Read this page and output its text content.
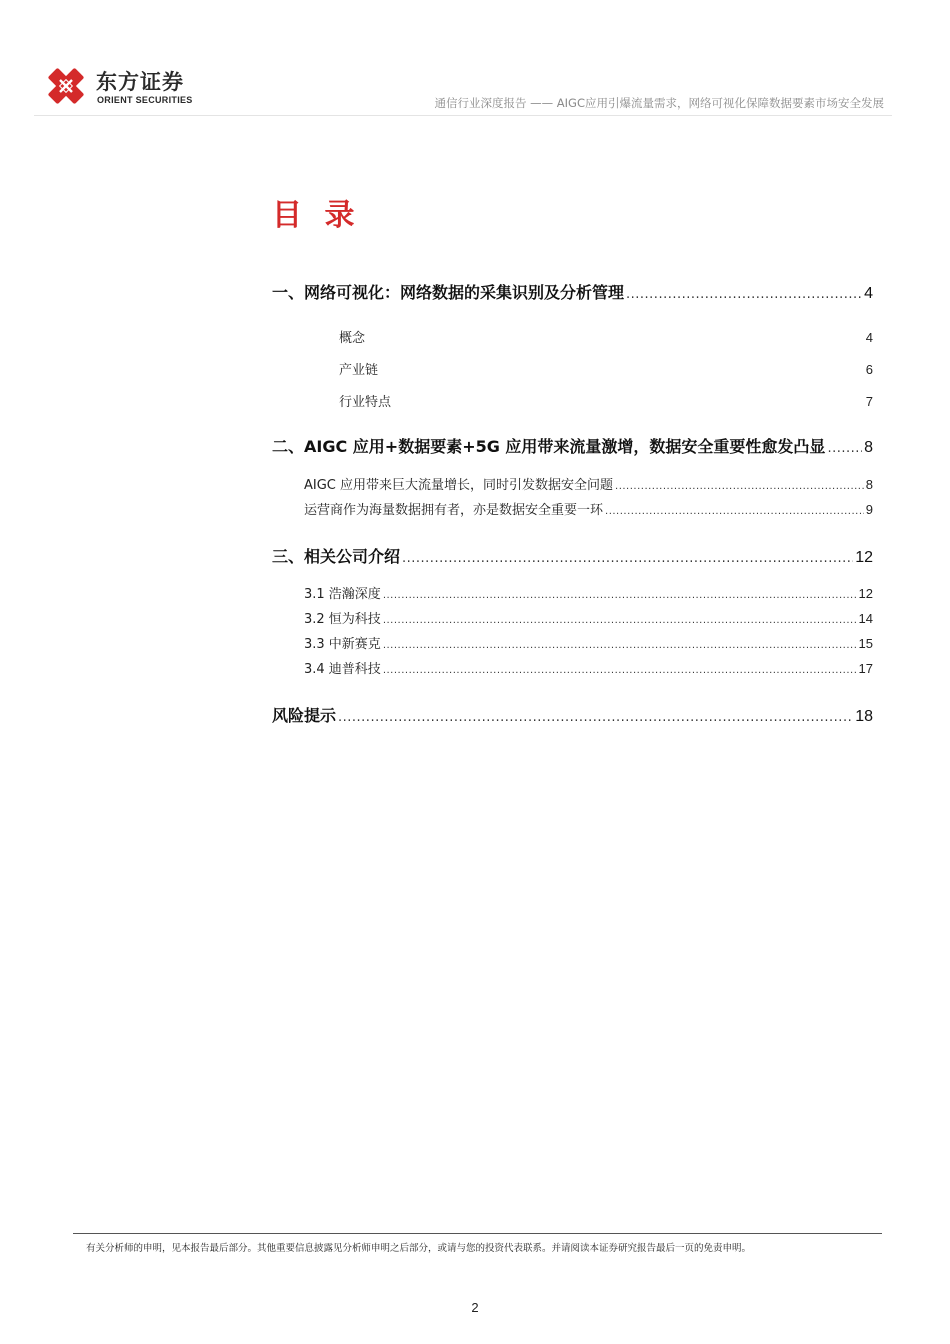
东方证券
ORIENT SECURITIES	通信行业深度报告 —— AIGC应用引爆流量需求，网络可视化保障数据要素市场安全发展
目 录
一、网络可视化：网络数据的采集识别及分析管理 .....	4
概念	4
产业链	6
行业特点	7
二、AIGC 应用+数据要素+5G 应用带来流量激增，数据安全重要性愈发凸显 ..... 8
AIGC 应用带来巨大流量增长，同时引发数据安全问题 .....	8
运营商作为海量数据拥有者，亦是数据安全重要一环 .....	9
三、相关公司介绍 .....	12
3.1 浩瀚深度 .....	12
3.2 恒为科技 .....	14
3.3 中新赛克 .....	15
3.4 迪普科技 .....	17
风险提示 .....	18
有关分析师的申明，见本报告最后部分。其他重要信息披露见分析师申明之后部分，或请与您的投资代表联系。并请阅读本证券研究报告最后一页的免责申明。
2
